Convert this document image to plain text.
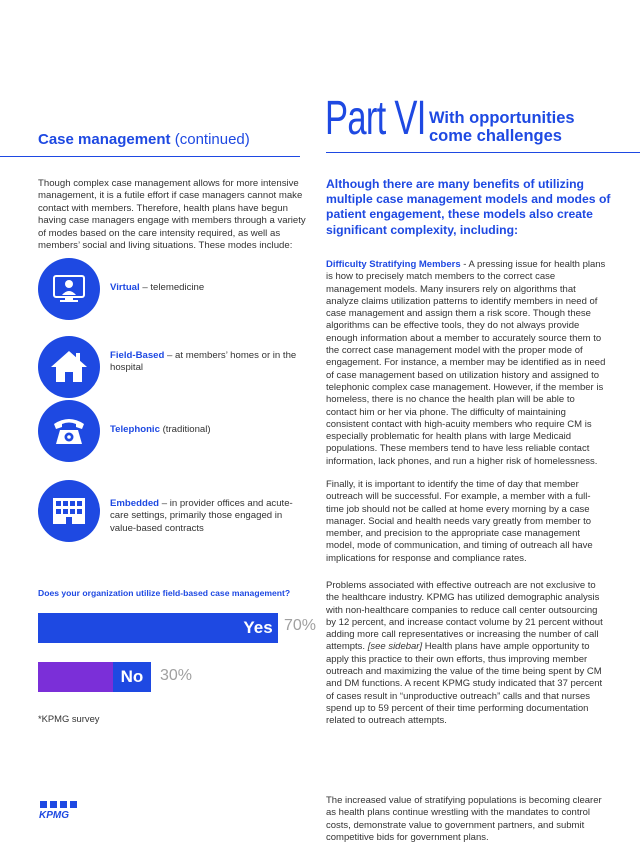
Case management (continued)
Though complex case management allows for more intensive management, it is a futile effort if case managers cannot make contact with members. Therefore, health plans have begun having case managers engage with members through a variety of modes based on the care intensity required, as well as members’ social and living situations. These modes include:
Virtual – telemedicine
Field-Based – at members’ homes or in the hospital
Telephonic (traditional)
Embedded – in provider offices and acute-care settings, primarily those engaged in value-based contracts
Does your organization utilize field-based case management?
Yes 70%
No	30%
*KPMG survey
Part VI With opportunities
come challenges
Although there are many benefits of utilizing multiple case management models and modes of patient engagement, these models also create significant complexity, including:
Difficulty Stratifying Members - A pressing issue for health plans is how to precisely match members to the correct case management models. Many insurers rely on algorithms that analyze claims utilization patterns to identify members in need of case management and assign them a risk score. Though these algorithms can be effective tools, they do not always provide enough information about a member to accurately source them to the correct case management model with the proper mode of engagement. For instance, a member may be identified as in need of case management based on utilization history and assigned to telephonic complex case management. However, if the member is homeless, there is no chance the health plan will be able to contact him or her via phone. The difficulty of maintaining consistent contact with high-acuity members who require CM is especially problematic for health plans with large Medicaid populations. These members tend to have less reliable contact information, lack phones, and run a higher risk of homelessness.
Finally, it is important to identify the time of day that member outreach will be successful. For example, a member with a full-time job should not be called at home every morning by a case manager. Social and health needs vary greatly from member to member, and precision to the appropriate case management model, mode of communication, and timing of outreach all have implications for response and compliance rates.
Problems associated with effective outreach are not exclusive to the healthcare industry. KPMG has utilized demographic analysis with non-healthcare companies to reduce call center outsourcing by 12 percent, and increase contact volume by 21 percent without adding more call representatives or increasing the number of call attempts. [see sidebar] Health plans have ample opportunity to apply this practice to their own efforts, thus improving member outreach and maximizing the value of the time being spent by CM and DM functions. A recent KPMG study indicated that 37 percent of cases result in “unproductive outreach” calls and that nurses spend up to 59 percent of their time performing documentation related to outreach attempts.
The increased value of stratifying populations is becoming clearer as health plans continue wrestling with the mandates to control costs, demonstrate value to government partners, and submit competitive bids for government plans.
KPMG
